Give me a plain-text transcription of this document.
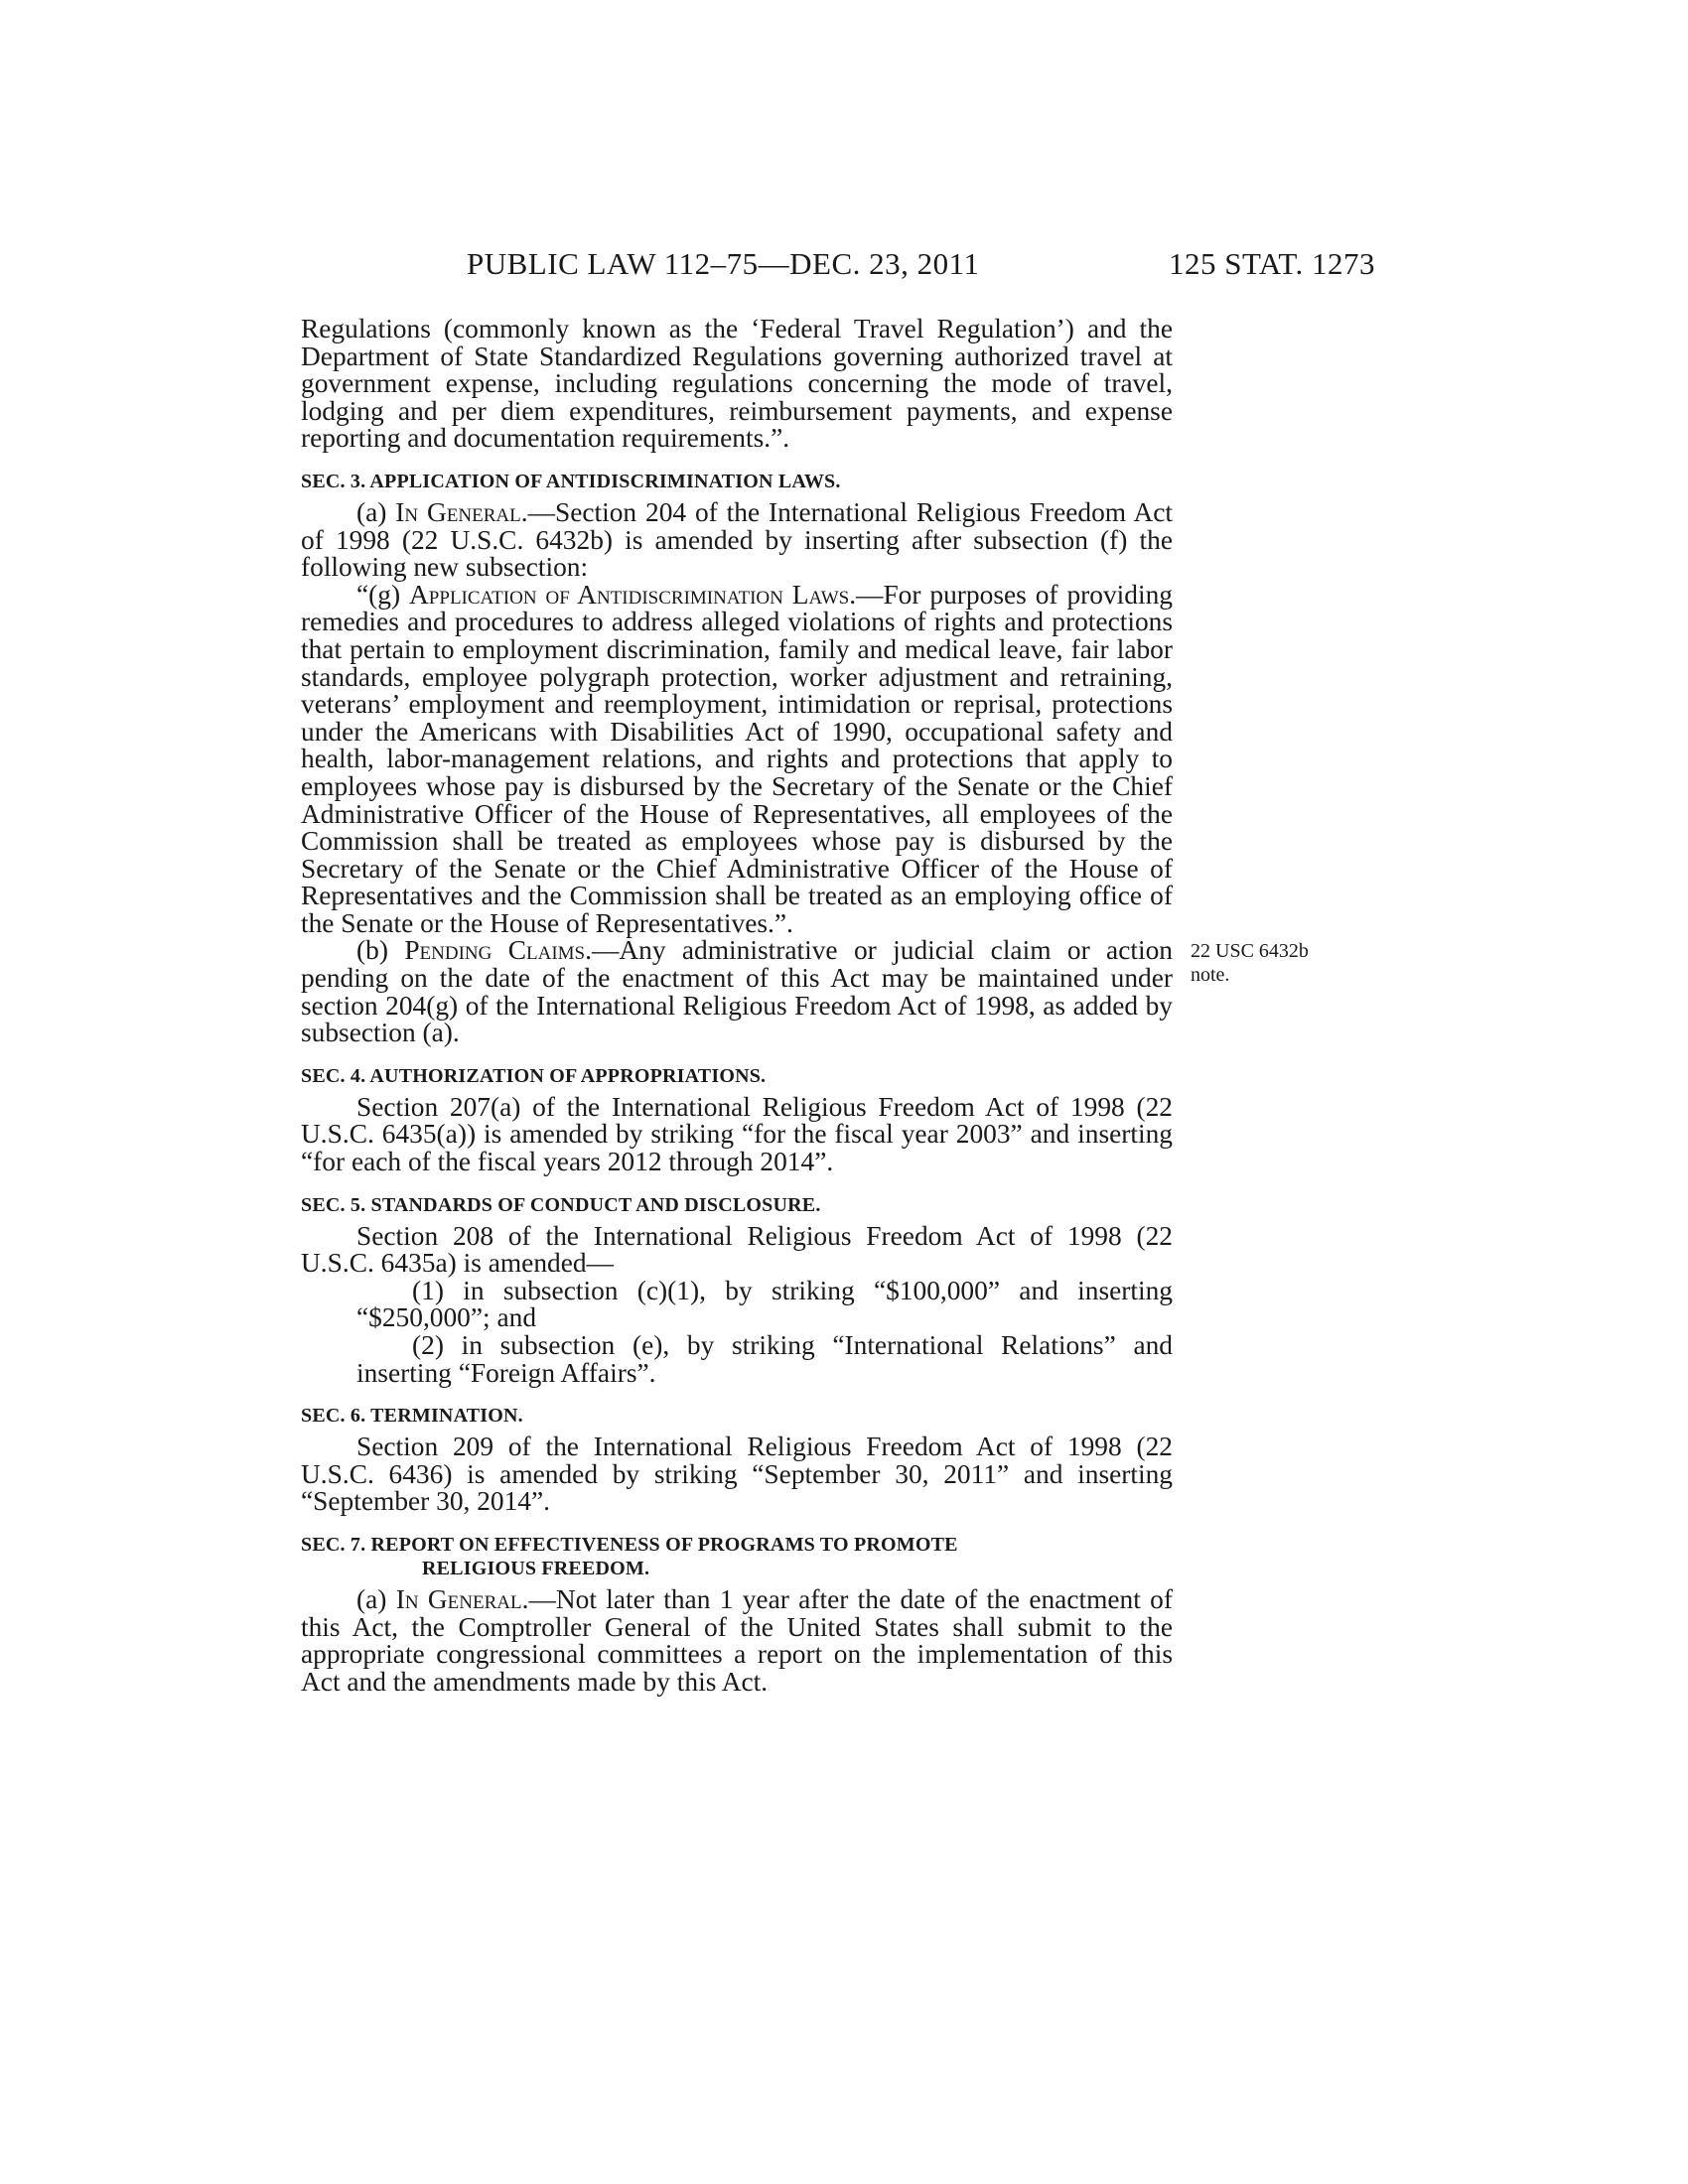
PUBLIC LAW 112–75—DEC. 23, 2011	125 STAT. 1273

Regulations (commonly known as the ‘Federal Travel Regulation’) and the Department of State Standardized Regulations governing authorized travel at government expense, including regulations concerning the mode of travel, lodging and per diem expenditures, reimbursement payments, and expense reporting and documentation requirements.”.

SEC. 3. APPLICATION OF ANTIDISCRIMINATION LAWS.

(a) In General.—Section 204 of the International Religious Freedom Act of 1998 (22 U.S.C. 6432b) is amended by inserting after subsection (f) the following new subsection:

“(g) Application of Antidiscrimination Laws.—For purposes of providing remedies and procedures to address alleged violations of rights and protections that pertain to employment discrimination, family and medical leave, fair labor standards, employee polygraph protection, worker adjustment and retraining, veterans’ employment and reemployment, intimidation or reprisal, protections under the Americans with Disabilities Act of 1990, occupational safety and health, labor-management relations, and rights and protections that apply to employees whose pay is disbursed by the Secretary of the Senate or the Chief Administrative Officer of the House of Representatives, all employees of the Commission shall be treated as employees whose pay is disbursed by the Secretary of the Senate or the Chief Administrative Officer of the House of Representatives and the Commission shall be treated as an employing office of the Senate or the House of Representatives.”.

(b) Pending Claims.—Any administrative or judicial claim or action pending on the date of the enactment of this Act may be maintained under section 204(g) of the International Religious Freedom Act of 1998, as added by subsection (a).

SEC. 4. AUTHORIZATION OF APPROPRIATIONS.

Section 207(a) of the International Religious Freedom Act of 1998 (22 U.S.C. 6435(a)) is amended by striking “for the fiscal year 2003” and inserting “for each of the fiscal years 2012 through 2014”.

SEC. 5. STANDARDS OF CONDUCT AND DISCLOSURE.

Section 208 of the International Religious Freedom Act of 1998 (22 U.S.C. 6435a) is amended—

(1) in subsection (c)(1), by striking “$100,000” and inserting “$250,000”; and

(2) in subsection (e), by striking “International Relations” and inserting “Foreign Affairs”.

SEC. 6. TERMINATION.

Section 209 of the International Religious Freedom Act of 1998 (22 U.S.C. 6436) is amended by striking “September 30, 2011” and inserting “September 30, 2014”.

SEC. 7. REPORT ON EFFECTIVENESS OF PROGRAMS TO PROMOTE
RELIGIOUS FREEDOM.

(a) In General.—Not later than 1 year after the date of the enactment of this Act, the Comptroller General of the United States shall submit to the appropriate congressional committees a report on the implementation of this Act and the amendments made by this Act.

22 USC 6432b
note.
